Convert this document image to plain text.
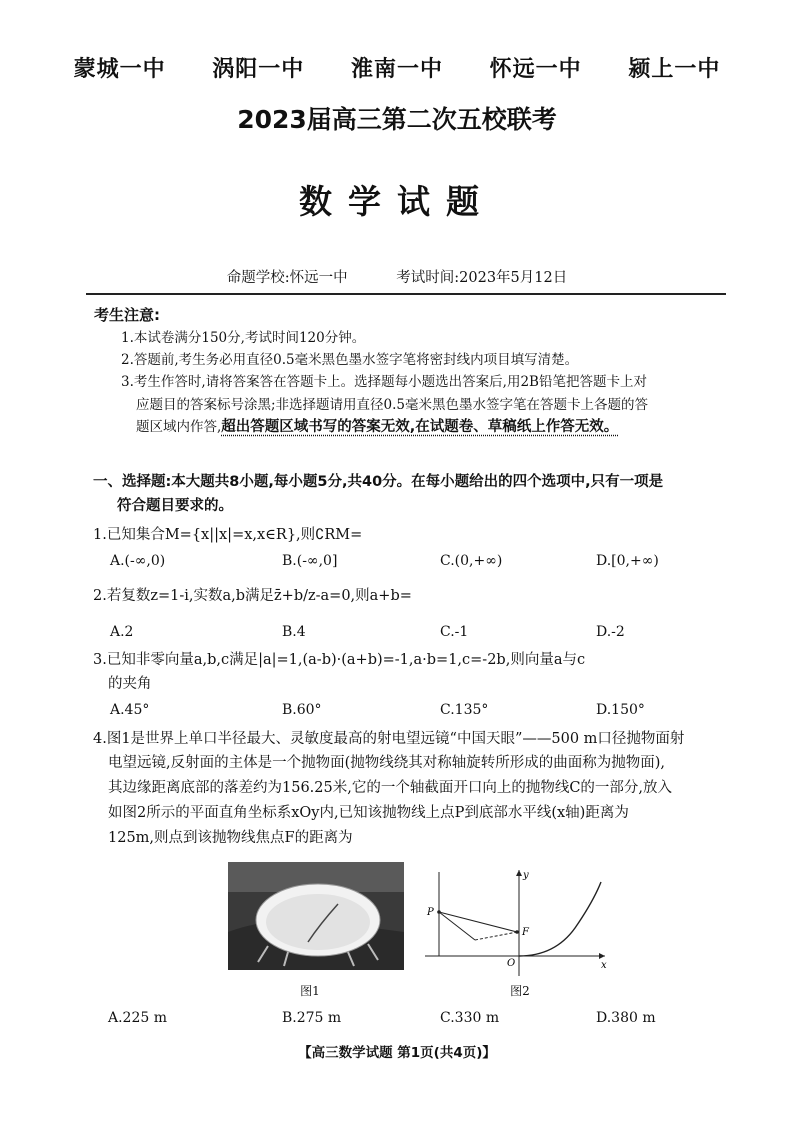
蒙城一中 涡阳一中 淮南一中 怀远一中 颍上一中
2023届高三第二次五校联考
数学试题
命题学校:怀远一中	考试时间:2023年5月12日
考生注意:
1.本试卷满分150分,考试时间120分钟。
2.答题前,考生务必用直径0.5毫米黑色墨水签字笔将密封线内项目填写清楚。
3.考生作答时,请将答案答在答题卡上。选择题每小题选出答案后,用2B铅笔把答题卡上对
应题目的答案标号涂黑;非选择题请用直径0.5毫米黑色墨水签字笔在答题卡上各题的答
题区域内作答,超出答题区域书写的答案无效,在试题卷、草稿纸上作答无效。
一、选择题:本大题共8小题,每小题5分,共40分。在每小题给出的四个选项中,只有一项是
符合题目要求的。
1.已知集合M={x||x|=x,x∈R},则∁RM=
A.(-∞,0)	B.(-∞,0]	C.(0,+∞)	D.[0,+∞)
2.若复数z=1-i,实数a,b满足z̄+b/z-a=0,则a+b=
A.2	B.4	C.-1	D.-2
3.已知非零向量a,b,c满足|a|=1,(a-b)·(a+b)=-1,a·b=1,c=-2b,则向量a与c
的夹角
A.45°	B.60°	C.135°	D.150°
4.图1是世界上单口半径最大、灵敏度最高的射电望远镜“中国天眼”——500 m口径抛物面射
电望远镜,反射面的主体是一个抛物面(抛物线绕其对称轴旋转所形成的曲面称为抛物面),
其边缘距离底部的落差约为156.25米,它的一个轴截面开口向上的抛物线C的一部分,放入
如图2所示的平面直角坐标系xOy内,已知该抛物线上点P到底部水平线(x轴)距离为
125m,则点到该抛物线焦点F的距离为
图1
P
F
y
x
O
图2
A.225 m	B.275 m	C.330 m	D.380 m
【高三数学试题 第1页(共4页)】
